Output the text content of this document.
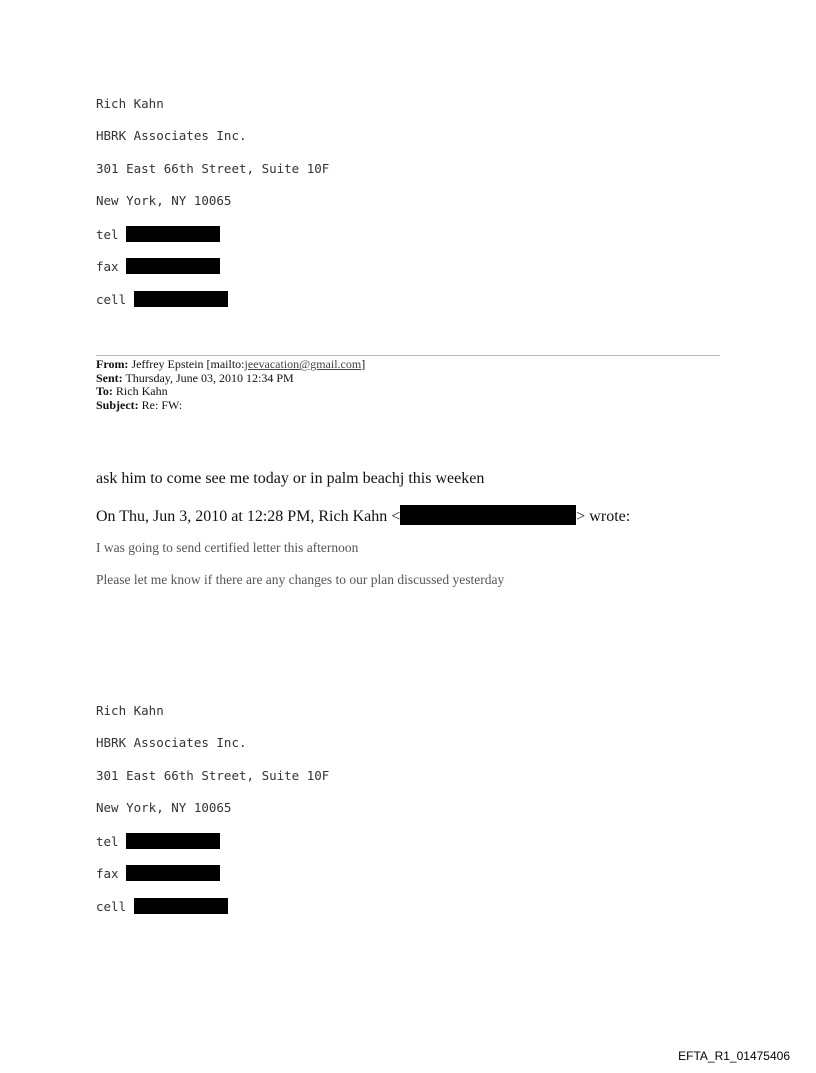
Rich Kahn
HBRK Associates Inc.
301 East 66th Street, Suite 10F
New York, NY 10065
tel
fax
cell
From: Jeffrey Epstein [mailto:jeevacation@gmail.com]
Sent: Thursday, June 03, 2010 12:34 PM
To: Rich Kahn
Subject: Re: FW:
ask him to come see me today or in palm beachj this weeken
On Thu, Jun 3, 2010 at 12:28 PM, Rich Kahn <	> wrote:
I was going to send certified letter this afternoon
Please let me know if there are any changes to our plan discussed yesterday
Rich Kahn
HBRK Associates Inc.
301 East 66th Street, Suite 10F
New York, NY 10065
tel
fax
cell
EFTA_R1_01475406
